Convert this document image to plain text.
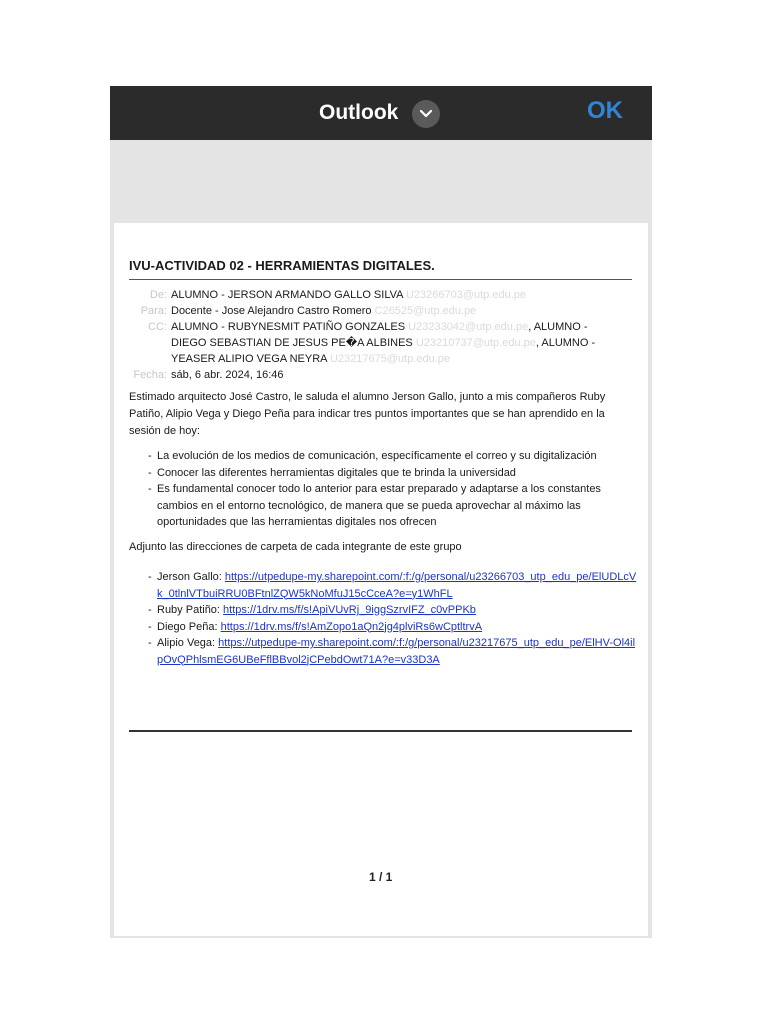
Outlook	OK
IVU-ACTIVIDAD 02 - HERRAMIENTAS DIGITALES.
De: ALUMNO - JERSON ARMANDO GALLO SILVA U23266703@utp.edu.pe
Para: Docente - Jose Alejandro Castro Romero C26525@utp.edu.pe
CC: ALUMNO - RUBYNESMIT PATIÑO GONZALES U23233042@utp.edu.pe, ALUMNO -
DIEGO SEBASTIAN DE JESUS PE�A ALBINES U23210737@utp.edu.pe, ALUMNO -
YEASER ALIPIO VEGA NEYRA U23217675@utp.edu.pe
Fecha: sáb, 6 abr. 2024, 16:46
Estimado arquitecto José Castro, le saluda el alumno Jerson Gallo, junto a mis compañeros Ruby Patiño, Alipio Vega y Diego Peña para indicar tres puntos importantes que se han aprendido en la sesión de hoy:
- La evolución de los medios de comunicación, específicamente el correo y su digitalización
- Conocer las diferentes herramientas digitales que te brinda la universidad
- Es fundamental conocer todo lo anterior para estar preparado y adaptarse a los constantes cambios en el entorno tecnológico, de manera que se pueda aprovechar al máximo las oportunidades que las herramientas digitales nos ofrecen
Adjunto las direcciones de carpeta de cada integrante de este grupo
- Jerson Gallo: https://utpedupe-my.sharepoint.com/:f:/g/personal/u23266703_utp_edu_pe/ElUDLcVk_0tlnlVTbuiRRU0BFtnlZQW5kNoMfuJ15cCceA?e=y1WhFL
- Ruby Patiño: https://1drv.ms/f/s!ApiVUvRj_9iggSzrvIFZ_c0vPPKb
- Diego Peña: https://1drv.ms/f/s!AmZopo1aQn2jg4plviRs6wCptltrvA
- Alipio Vega: https://utpedupe-my.sharepoint.com/:f:/g/personal/u23217675_utp_edu_pe/ElHV-Ol4ilpOvQPhlsmEG6UBeFflBBvol2jCPebdOwt71A?e=v33D3A
1 / 1
